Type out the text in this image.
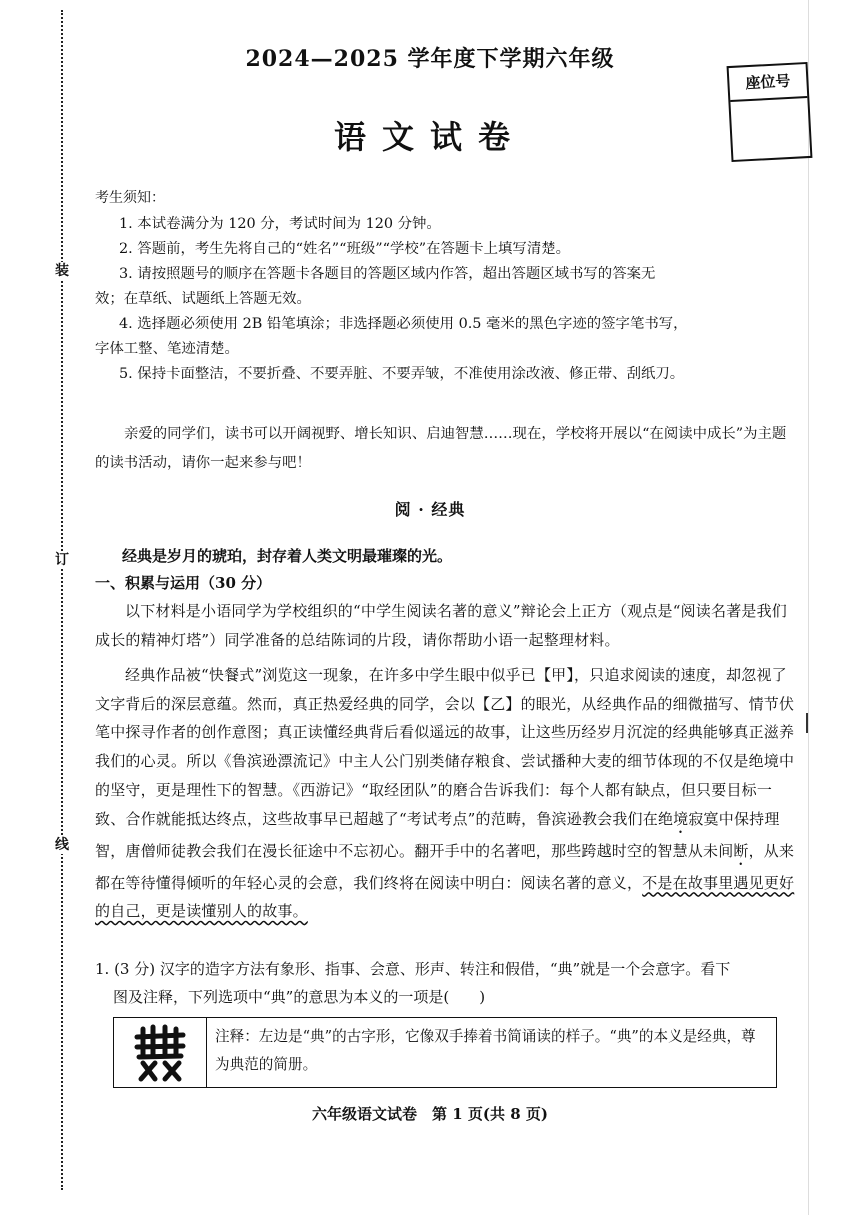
装
订
线
2024—2025 学年度下学期六年级
语文试卷
座位号
考生须知：
1. 本试卷满分为 120 分，考试时间为 120 分钟。
2. 答题前，考生先将自己的“姓名”“班级”“学校”在答题卡上填写清楚。
3. 请按照题号的顺序在答题卡各题目的答题区域内作答，超出答题区域书写的答案无
效；在草纸、试题纸上答题无效。
4. 选择题必须使用 2B 铅笔填涂；非选择题必须使用 0.5 毫米的黑色字迹的签字笔书写，
字体工整、笔迹清楚。
5. 保持卡面整洁，不要折叠、不要弄脏、不要弄皱，不准使用涂改液、修正带、刮纸刀。
亲爱的同学们，读书可以开阔视野、增长知识、启迪智慧……现在，学校将开展以“在阅读中成长”为主题的读书活动，请你一起来参与吧！
阅 · 经典
经典是岁月的琥珀，封存着人类文明最璀璨的光。
一、积累与运用（30 分）
以下材料是小语同学为学校组织的“中学生阅读名著的意义”辩论会上正方（观点是“阅读名著是我们成长的精神灯塔”）同学准备的总结陈词的片段，请你帮助小语一起整理材料。
经典作品被“快餐式”浏览这一现象，在许多中学生眼中似乎已【甲】，只追求阅读的速度，却忽视了文字背后的深层意蕴。然而，真正热爱经典的同学，会以【乙】的眼光，从经典作品的细微描写、情节伏笔中探寻作者的创作意图；真正读懂经典背后看似遥远的故事，让这些历经岁月沉淀的经典能够真正滋养我们的心灵。所以《鲁滨逊漂流记》中主人公门别类储存粮食、尝试播种大麦的细节体现的不仅是绝境中的坚守，更是理性下的智慧。《西游记》“取经团队”的磨合告诉我们：每个人都有缺点，但只要目标一致、合作就能抵达终点，这些故事早已超越了“考试考点”的范畴，鲁滨逊教会我们在绝境寂寞中保持理智，唐僧师徒教会我们在漫长征途中不忘初心。翻开手中的名著吧，那些跨越时空的智慧从未间断，从来都在等待懂得倾听的年轻心灵的会意，我们终将在阅读中明白：阅读名著的意义，不是在故事里遇见更好的自己，更是读懂别人的故事。
1. (3 分) 汉字的造字方法有象形、指事、会意、形声、转注和假借，“典”就是一个会意字。看下
图及注释，下列选项中“典”的意思为本义的一项是(　　)
注释：左边是“典”的古字形，它像双手捧着书简诵读的样子。“典”的本义是经典，尊为典范的简册。
六年级语文试卷　第 1 页(共 8 页)
